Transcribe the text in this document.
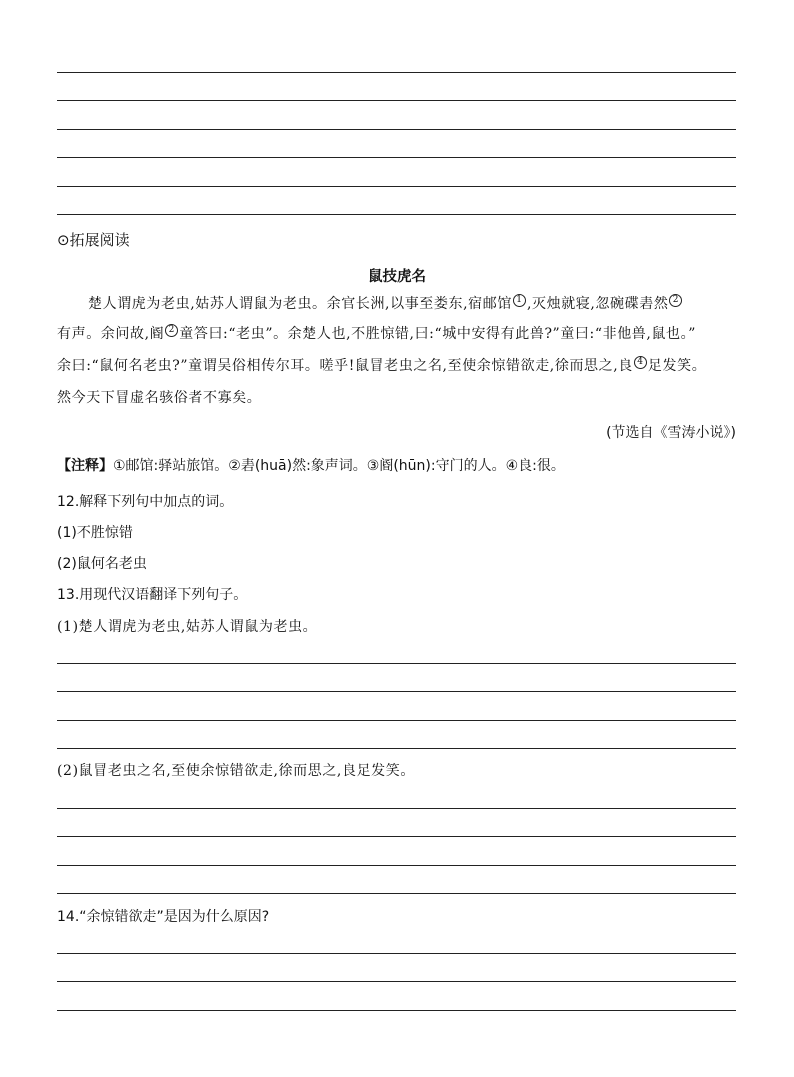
⊙拓展阅读
鼠技虎名
楚人谓虎为老虫,姑苏人谓鼠为老虫。余官长洲,以事至娄东,宿邮馆 1 ,灭烛就寝,忽碗碟砉然 2
有声。余问故,阍 2 童答曰:“老虫”。余楚人也,不胜惊错,曰:“城中安得有此兽?”童曰:“非他兽,鼠也。”
余曰:“鼠何名老虫?”童谓吴俗相传尔耳。嗟乎!鼠冒老虫之名,至使余惊错欲走,徐而思之,良 4 足发笑。
然今天下冒虚名骇俗者不寡矣。
(节选自《雪涛小说》)
【注释】①邮馆:驿站旅馆。②砉(huā)然:象声词。③阍(hūn):守门的人。④良:很。
12.解释下列句中加点的词。
(1)不胜惊错
(2)鼠何名老虫
13.用现代汉语翻译下列句子。
(1)楚人谓虎为老虫,姑苏人谓鼠为老虫。
(2)鼠冒老虫之名,至使余惊错欲走,徐而思之,良足发笑。
14.“余惊错欲走”是因为什么原因?
